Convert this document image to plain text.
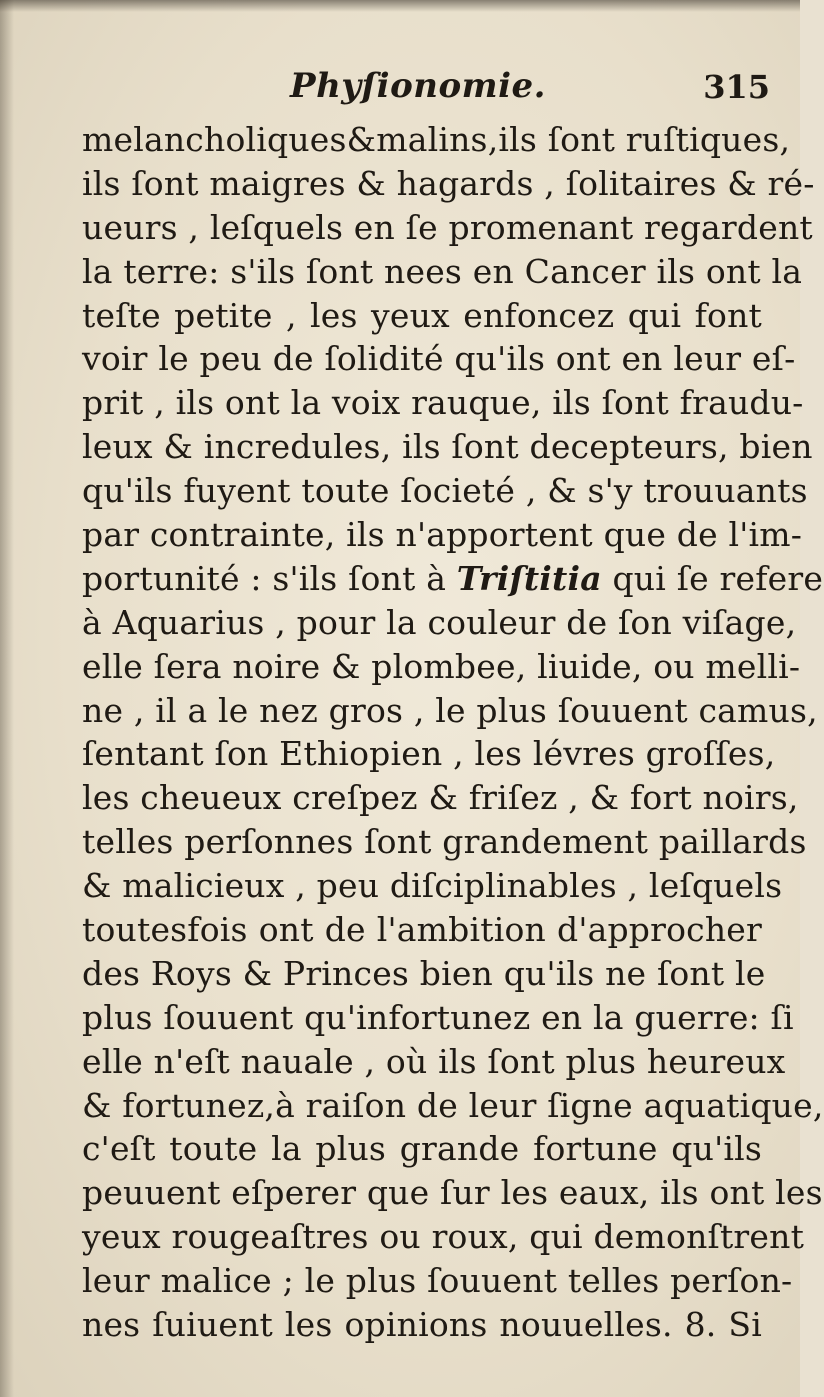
Phyſionomie.	315
melancholiques&malins,ils ſont ruſtiques,
ils ſont maigres & hagards , ſolitaires & ré-
ueurs , leſquels en ſe promenant regardent
la terre: s'ils ſont nees en Cancer ils ont la
teſte petite , les yeux enfoncez qui font
voir le peu de ſolidité qu'ils ont en leur eſ-
prit , ils ont la voix rauque, ils ſont fraudu-
leux & incredules, ils ſont decepteurs, bien
qu'ils fuyent toute ſocieté , & s'y trouuants
par contrainte, ils n'apportent que de l'im-
portunité : s'ils ſont à Triſtitia qui ſe refere
à Aquarius , pour la couleur de ſon viſage,
elle ſera noire & plombee, liuide, ou melli-
ne , il a le nez gros , le plus ſouuent camus,
ſentant ſon Ethiopien , les lévres groſſes,
les cheueux creſpez & friſez , & fort noirs,
telles perſonnes ſont grandement paillards
& malicieux , peu diſciplinables , leſquels
toutesfois ont de l'ambition d'approcher
des Roys & Princes bien qu'ils ne ſont le
plus ſouuent qu'infortunez en la guerre: ſi
elle n'eſt nauale , où ils ſont plus heureux
& fortunez,à raiſon de leur ſigne aquatique,
c'eſt toute la plus grande fortune qu'ils
peuuent eſperer que ſur les eaux, ils ont les
yeux rougeaſtres ou roux, qui demonſtrent
leur malice ; le plus ſouuent telles perſon-
nes ſuiuent les opinions nouuelles. 8. Si
